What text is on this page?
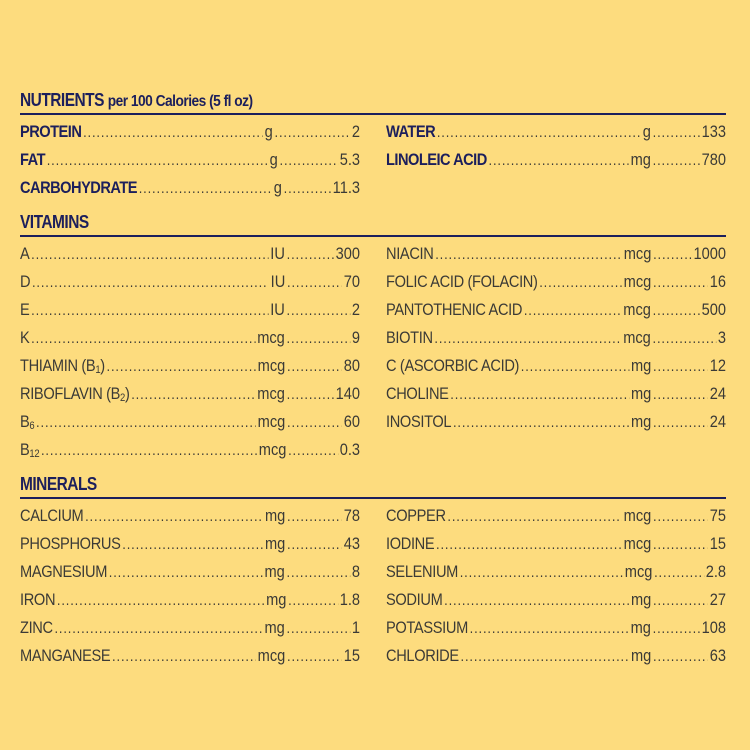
NUTRIENTS per 100 Calories (5 fl oz)
PROTEIN .....	g .....	2
FAT .....	g .....	5.3
CARBOHYDRATE .....	g .....	11.3
WATER .....	g .....	133
LINOLEIC ACID .....	mg .....	780
VITAMINS
A .....	IU .....	300
D .....	IU .....	70
E .....	IU .....	2
K .....	mcg .....	9
THIAMIN $(B_1)$ .....	mcg .....	80
RIBOFLAVIN $(B_2)$ .....	mcg .....	140
$B_6$ .....	mcg .....	60
$B_{12}$ .....	mcg .....	0.3
NIACIN .....	mcg ..... 1000
FOLIC ACID (FOLACIN) .....	mcg .....	16
PANTOTHENIC ACID .....	mcg .....	500
BIOTIN .....	mcg .....	3
C (ASCORBIC ACID) .....	mg .....	12
CHOLINE .....	mg .....	24
INOSITOL .....	mg .....	24
MINERALS
CALCIUM .....	mg .....	78
PHOSPHORUS .....	mg .....	43
MAGNESIUM .....	mg .....	8
IRON .....	mg .....	1.8
ZINC .....	mg .....	1
MANGANESE .....	mcg .....	15
COPPER .....	mcg .....	75
IODINE .....	mcg .....	15
SELENIUM .....	mcg .....	2.8
SODIUM .....	mg .....	27
POTASSIUM .....	mg .....	108
CHLORIDE .....	mg .....	63
